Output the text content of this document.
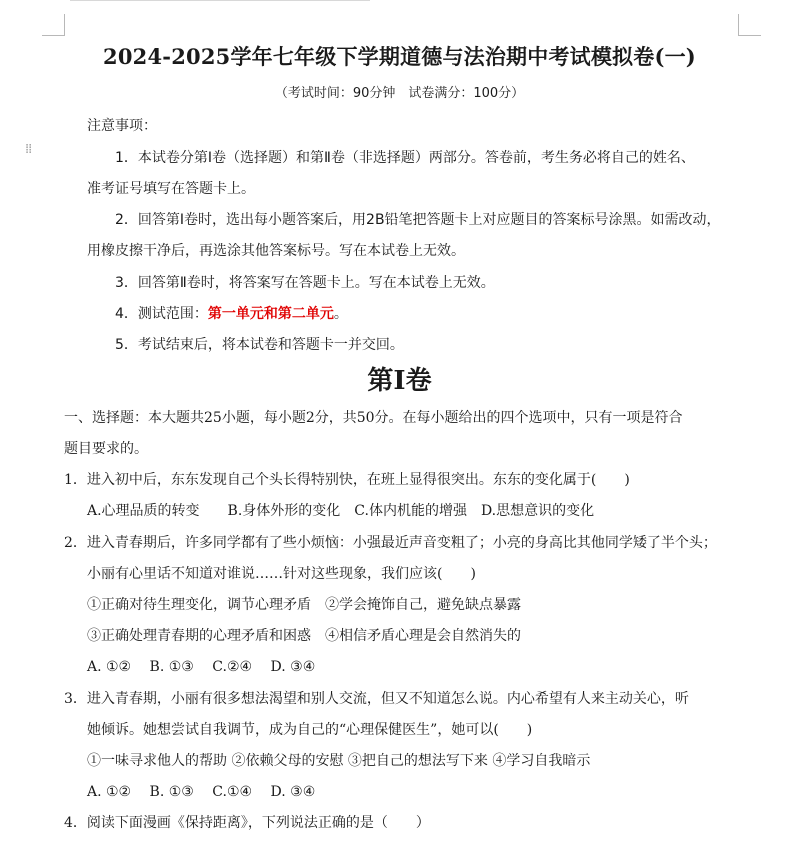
⁞⁞
2024-2025学年七年级下学期道德与法治期中考试模拟卷(一)
（考试时间：90分钟　试卷满分：100分）
注意事项：
1．本试卷分第Ⅰ卷（选择题）和第Ⅱ卷（非选择题）两部分。答卷前，考生务必将自己的姓名、
准考证号填写在答题卡上。
2．回答第Ⅰ卷时，选出每小题答案后，用2B铅笔把答题卡上对应题目的答案标号涂黑。如需改动，
用橡皮擦干净后，再选涂其他答案标号。写在本试卷上无效。
3．回答第Ⅱ卷时，将答案写在答题卡上。写在本试卷上无效。
4．测试范围：第一单元和第二单元。
5．考试结束后，将本试卷和答题卡一并交回。
第Ⅰ卷
一、选择题：本大题共25小题，每小题2分，共50分。在每小题给出的四个选项中，只有一项是符合
题目要求的。
1．进入初中后，东东发现自己个头长得特别快，在班上显得很突出。东东的变化属于(　　)
A.心理品质的转变　　B.身体外形的变化　C.体内机能的增强　D.思想意识的变化
2．进入青春期后，许多同学都有了些小烦恼：小强最近声音变粗了；小亮的身高比其他同学矮了半个头；
小丽有心里话不知道对谁说……针对这些现象，我们应该(　　)
①正确对待生理变化，调节心理矛盾　②学会掩饰自己，避免缺点暴露
③正确处理青春期的心理矛盾和困惑　④相信矛盾心理是会自然消失的
A. ①②　 B. ①③　 C.②④　 D. ③④
3．进入青春期，小丽有很多想法渴望和别人交流，但又不知道怎么说。内心希望有人来主动关心，听
她倾诉。她想尝试自我调节，成为自己的“心理保健医生”，她可以(　　)
①一味寻求他人的帮助 ②依赖父母的安慰 ③把自己的想法写下来 ④学习自我暗示
A. ①②　 B. ①③　 C.①④　 D. ③④
4．阅读下面漫画《保持距离》，下列说法正确的是（　　）
